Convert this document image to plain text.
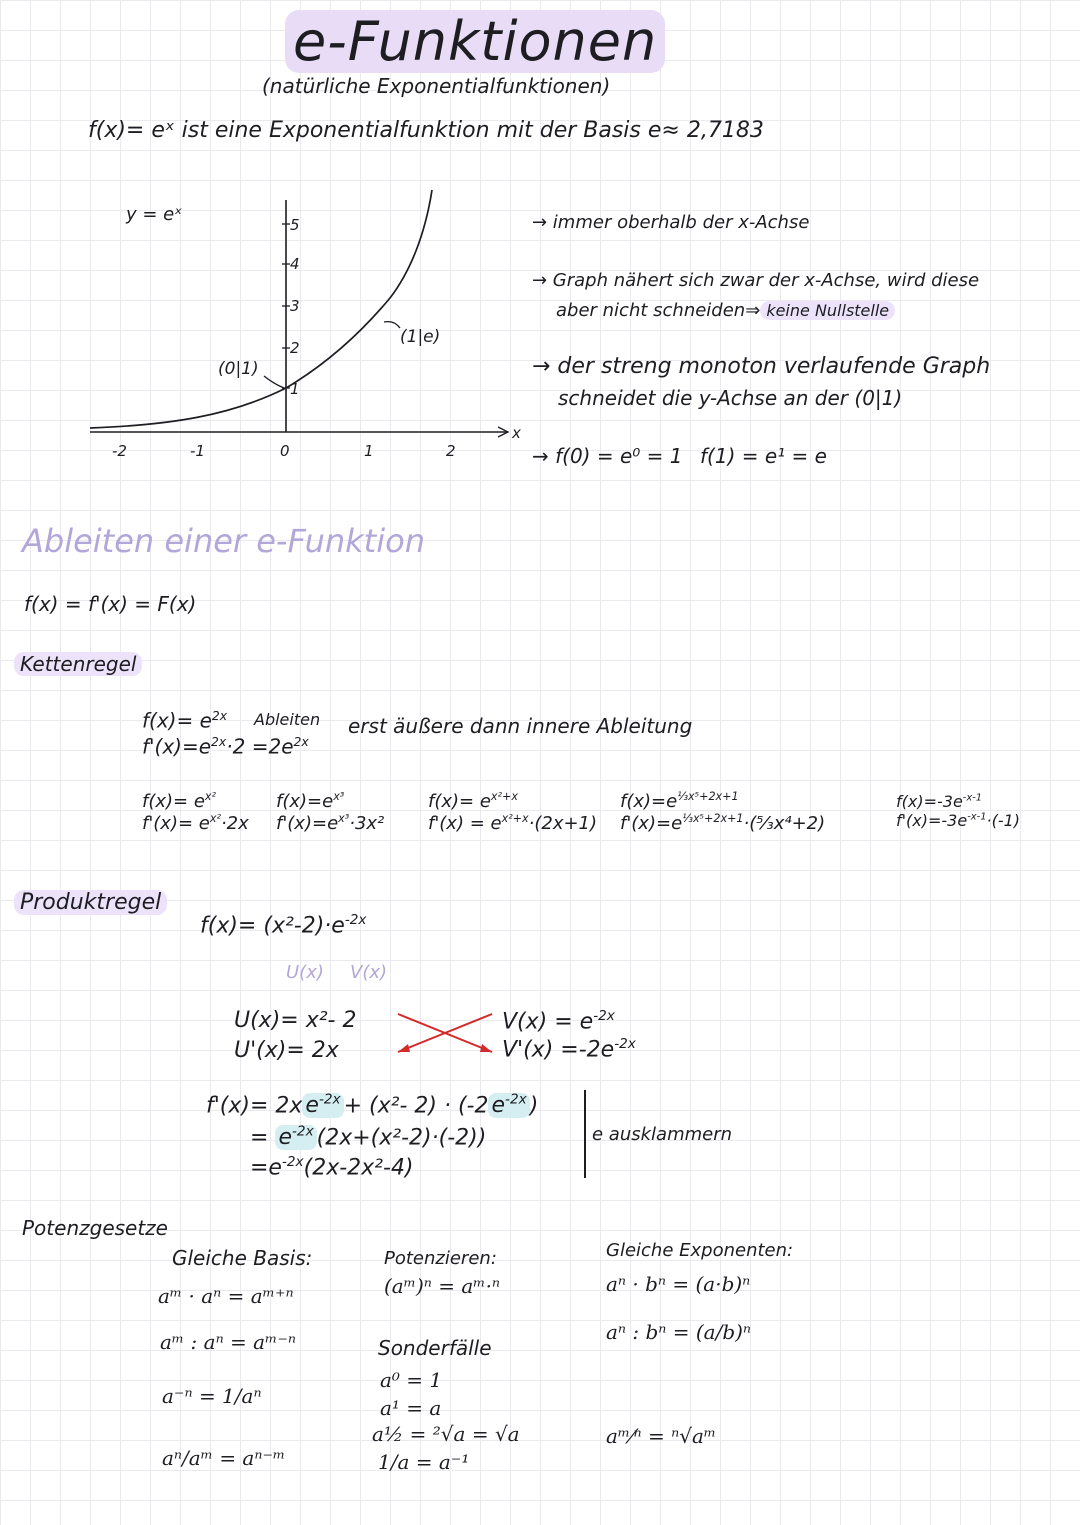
e-Funktionen
(natürliche Exponentialfunktionen)
f(x)= eˣ ist eine Exponentialfunktion mit der Basis e≈ 2,7183
1
2
3
4
5
-2	-1	0	1	2
x
y = eˣ
(0|1)
(1|e)
→ immer oberhalb der x-Achse
→ Graph nähert sich zwar der x-Achse, wird diese
aber nicht schneiden⇒ keine Nullstelle
→ der streng monoton verlaufende Graph
schneidet die y-Achse an der (0|1)
→ f(0) = e⁰ = 1 f(1) = e¹ = e
Ableiten einer e-Funktion
f(x) = f'(x) = F(x)
Kettenregel
$f(x)= e^{2x}$ Ableiten
$f'(x)=e^{2x}\cdot 2 =2e^{2x}$
erst äußere dann innere Ableitung
$f(x)= e^{x^2}$
$f'(x)= e^{x^2}\cdot 2x$
$f(x)=e^{x^3}$
$f'(x)=e^{x^3}\cdot 3x^2$
$f(x)= e^{x^2+x}$
$f'(x) = e^{x^2+x}\cdot(2x+1)$
$f(x)=e^{\frac{1}{3}x^5+2x+1}$
$f'(x)=e^{\frac{1}{3}x^5+2x+1}\cdot(^5⁄_3x^4+2)$
$f(x)=-3e^{-x-1}$
$f'(x)=-3e^{-x-1}\cdot(-1)$
Produktregel
$f(x)= (x^2-2)\cdot e^{-2x}$
U(x) V(x)
U(x)= x²- 2
U'(x)= 2x
$V(x) = e^{-2x}$
$V'(x) =-2e^{-2x}$
f'(x)= 2x $e^{-2x} + (x^2-$ 2) · (-2 $e^{-2x}$ )
= $e^{-2x}$ (2x+(x²-2)·(-2))
$=e^{-2x}(2x-2x^2-4)$
e ausklammern
Potenzgesetze
Gleiche Basis:
aᵐ · aⁿ = aᵐ⁺ⁿ
aᵐ : aⁿ = aᵐ⁻ⁿ
a⁻ⁿ = 1/aⁿ
aⁿ/aᵐ = aⁿ⁻ᵐ
Potenzieren:
(aᵐ)ⁿ = aᵐ·ⁿ
Sonderfälle
a⁰ = 1
a¹ = a
a½ = ²√a = √a
1/a = a⁻¹
Gleiche Exponenten:
aⁿ · bⁿ = (a·b)ⁿ
aⁿ : bⁿ = (a/b)ⁿ
aᵐ⁄ⁿ = ⁿ√aᵐ
